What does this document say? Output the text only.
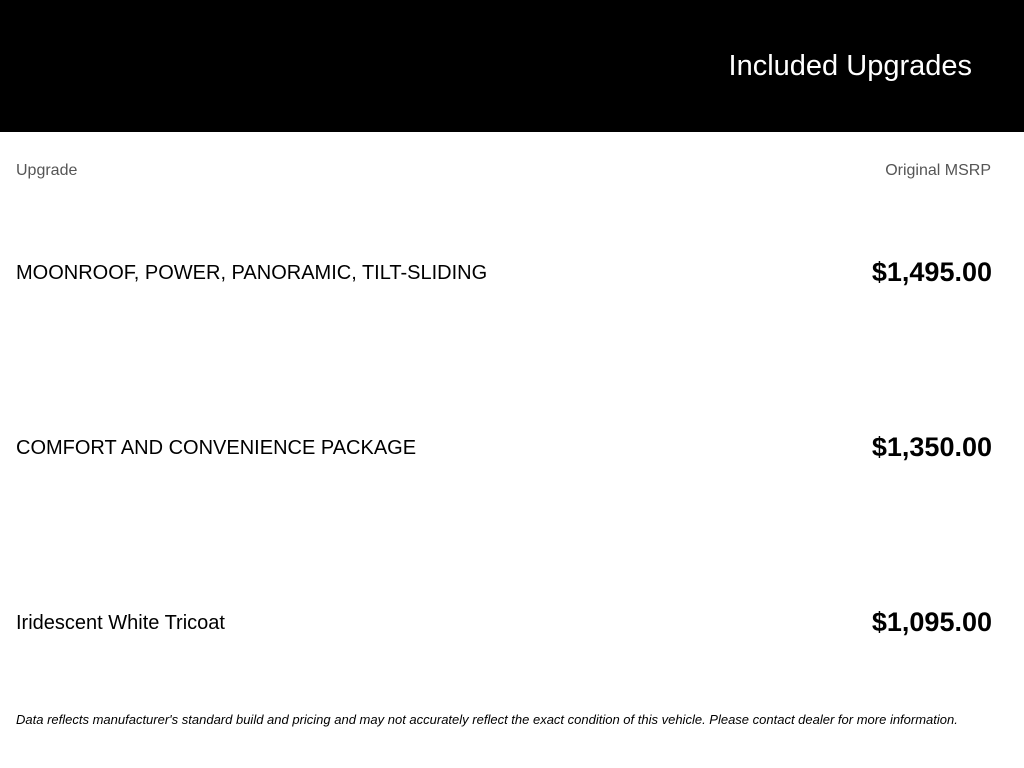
Included Upgrades
Upgrade	Original MSRP
MOONROOF, POWER, PANORAMIC, TILT-SLIDING	$1,495.00
COMFORT AND CONVENIENCE PACKAGE	$1,350.00
Iridescent White Tricoat	$1,095.00
Data reflects manufacturer's standard build and pricing and may not accurately reflect the exact condition of this vehicle. Please contact dealer for more information.
